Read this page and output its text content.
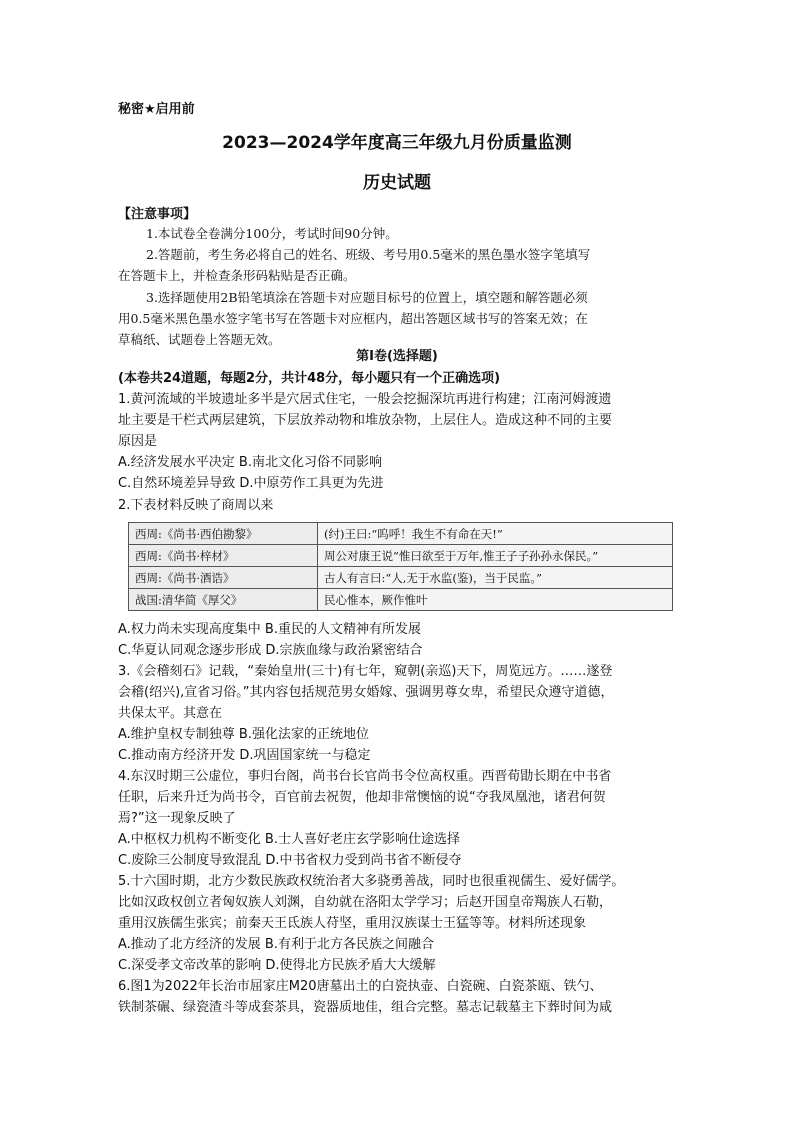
秘密★启用前
2023—2024学年度高三年级九月份质量监测
历史试题
【注意事项】
1.本试卷全卷满分100分，考试时间90分钟。
2.答题前，考生务必将自己的姓名、班级、考号用0.5毫米的黑色墨水签字笔填写
在答题卡上，并检查条形码粘贴是否正确。
3.选择题使用2B铅笔填涂在答题卡对应题目标号的位置上，填空题和解答题必须
用0.5毫米黑色墨水签字笔书写在答题卡对应框内，超出答题区域书写的答案无效；在
草稿纸、试题卷上答题无效。
第Ⅰ卷(选择题)
(本卷共24道题，每题2分，共计48分，每小题只有一个正确选项)
1.黄河流域的半坡遗址多半是穴居式住宅，一般会挖掘深坑再进行构建；江南河姆渡遗
址主要是干栏式两层建筑，下层放养动物和堆放杂物，上层住人。造成这种不同的主要
原因是
A.经济发展水平决定 B.南北文化习俗不同影响
C.自然环境差异导致 D.中原劳作工具更为先进
2.下表材料反映了商周以来
西周:《尚书·西伯勘黎》	(纣)王曰:“呜呼！我生不有命在天!”
西周:《尚书·梓材》	周公对康王说“惟曰欲至于万年,惟王子子孙孙永保民。”
西周:《尚书·酒诰》	古人有言曰:“人,无于水监(鉴)，当于民监。”
战国:清华简《厚父》	民心惟本，厥作惟叶
A.权力尚未实现高度集中 B.重民的人文精神有所发展
C.华夏认同观念逐步形成 D.宗族血缘与政治紧密结合
3.《会稽刻石》记载，“秦始皇卅(三十)有七年，窥朝(亲巡)天下，周览远方。……遂登
会稽(绍兴),宣省习俗。”其内容包括规范男女婚嫁、强调男尊女卑，希望民众遵守道德，
共保太平。其意在
A.维护皇权专制独尊 B.强化法家的正统地位
C.推动南方经济开发 D.巩固国家统一与稳定
4.东汉时期三公虚位，事归台阁，尚书台长官尚书令位高权重。西晋荀勖长期在中书省
任职，后来升迁为尚书令，百官前去祝贺，他却非常懊恼的说“夺我凤凰池，诸君何贺
焉?”这一现象反映了
A.中枢权力机构不断变化 B.士人喜好老庄玄学影响仕途选择
C.废除三公制度导致混乱 D.中书省权力受到尚书省不断侵夺
5.十六国时期，北方少数民族政权统治者大多骁勇善战，同时也很重视儒生、爱好儒学。
比如汉政权创立者匈奴族人刘渊，自幼就在洛阳太学学习；后赵开国皇帝羯族人石勒，
重用汉族儒生张宾；前秦天王氐族人苻坚，重用汉族谋士王猛等等。材料所述现象
A.推动了北方经济的发展 B.有利于北方各民族之间融合
C.深受孝文帝改革的影响 D.使得北方民族矛盾大大缓解
6.图1为2022年长治市屈家庄M20唐墓出土的白瓷执壶、白瓷碗、白瓷茶瓯、铁勺、
铁制茶碾、绿瓷渣斗等成套茶具，瓷器质地佳，组合完整。墓志记载墓主下葬时间为咸
